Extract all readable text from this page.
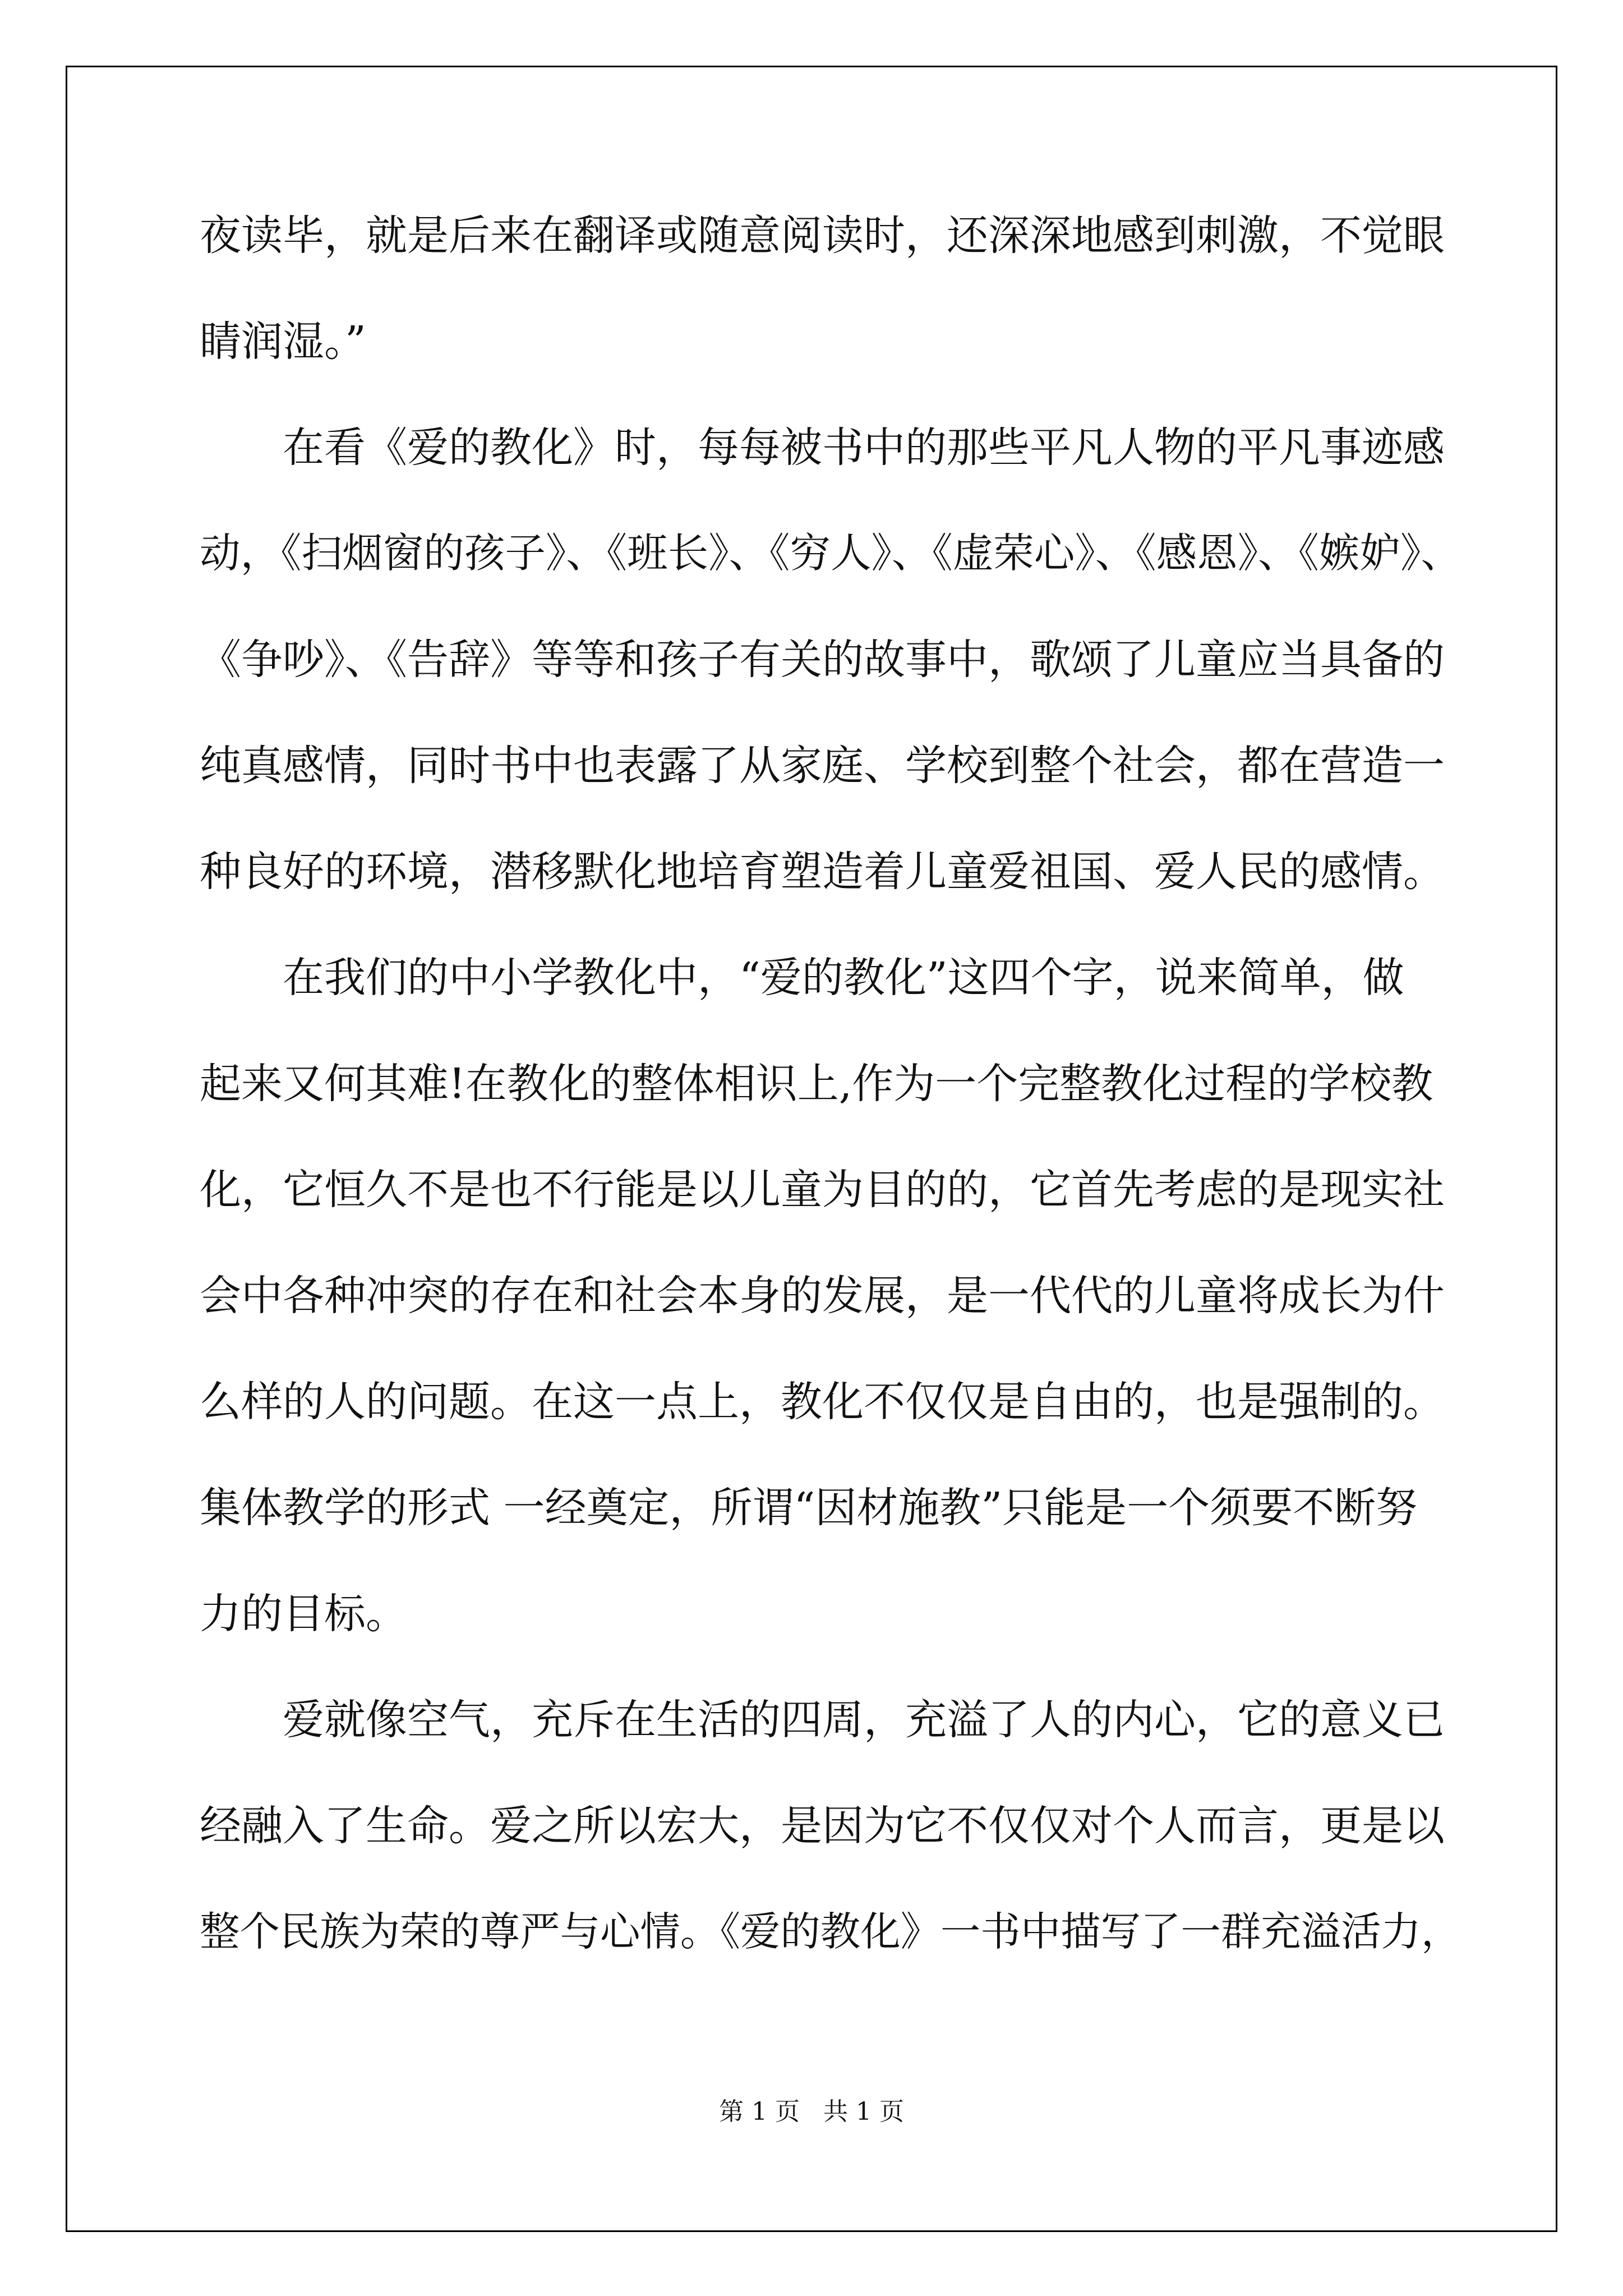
夜读毕，就是后来在翻译或随意阅读时，还深深地感到刺激，不觉眼
睛润湿。”
在看《爱的教化》时，每每被书中的那些平凡人物的平凡事迹感
动，《扫烟窗的孩子》、《班长》、《穷人》、《虚荣心》、《感恩》、《嫉妒》、
《争吵》、《告辞》等等和孩子有关的故事中，歌颂了儿童应当具备的
纯真感情，同时书中也表露了从家庭、学校到整个社会，都在营造一
种良好的环境，潜移默化地培育塑造着儿童爱祖国、爱人民的感情。
在我们的中小学教化中，“爱的教化”这四个字，说来简单，做
起来又何其难!在教化的整体相识上,作为一个完整教化过程的学校教
化，它恒久不是也不行能是以儿童为目的的，它首先考虑的是现实社
会中各种冲突的存在和社会本身的发展，是一代代的儿童将成长为什
么样的人的问题。在这一点上，教化不仅仅是自由的，也是强制的。
集体教学的形式 一经奠定，所谓“因材施教”只能是一个须要不断努
力的目标。
爱就像空气，充斥在生活的四周，充溢了人的内心，它的意义已
经融入了生命。爱之所以宏大，是因为它不仅仅对个人而言，更是以
整个民族为荣的尊严与心情。《爱的教化》一书中描写了一群充溢活力，
第 1 页   共 1 页
